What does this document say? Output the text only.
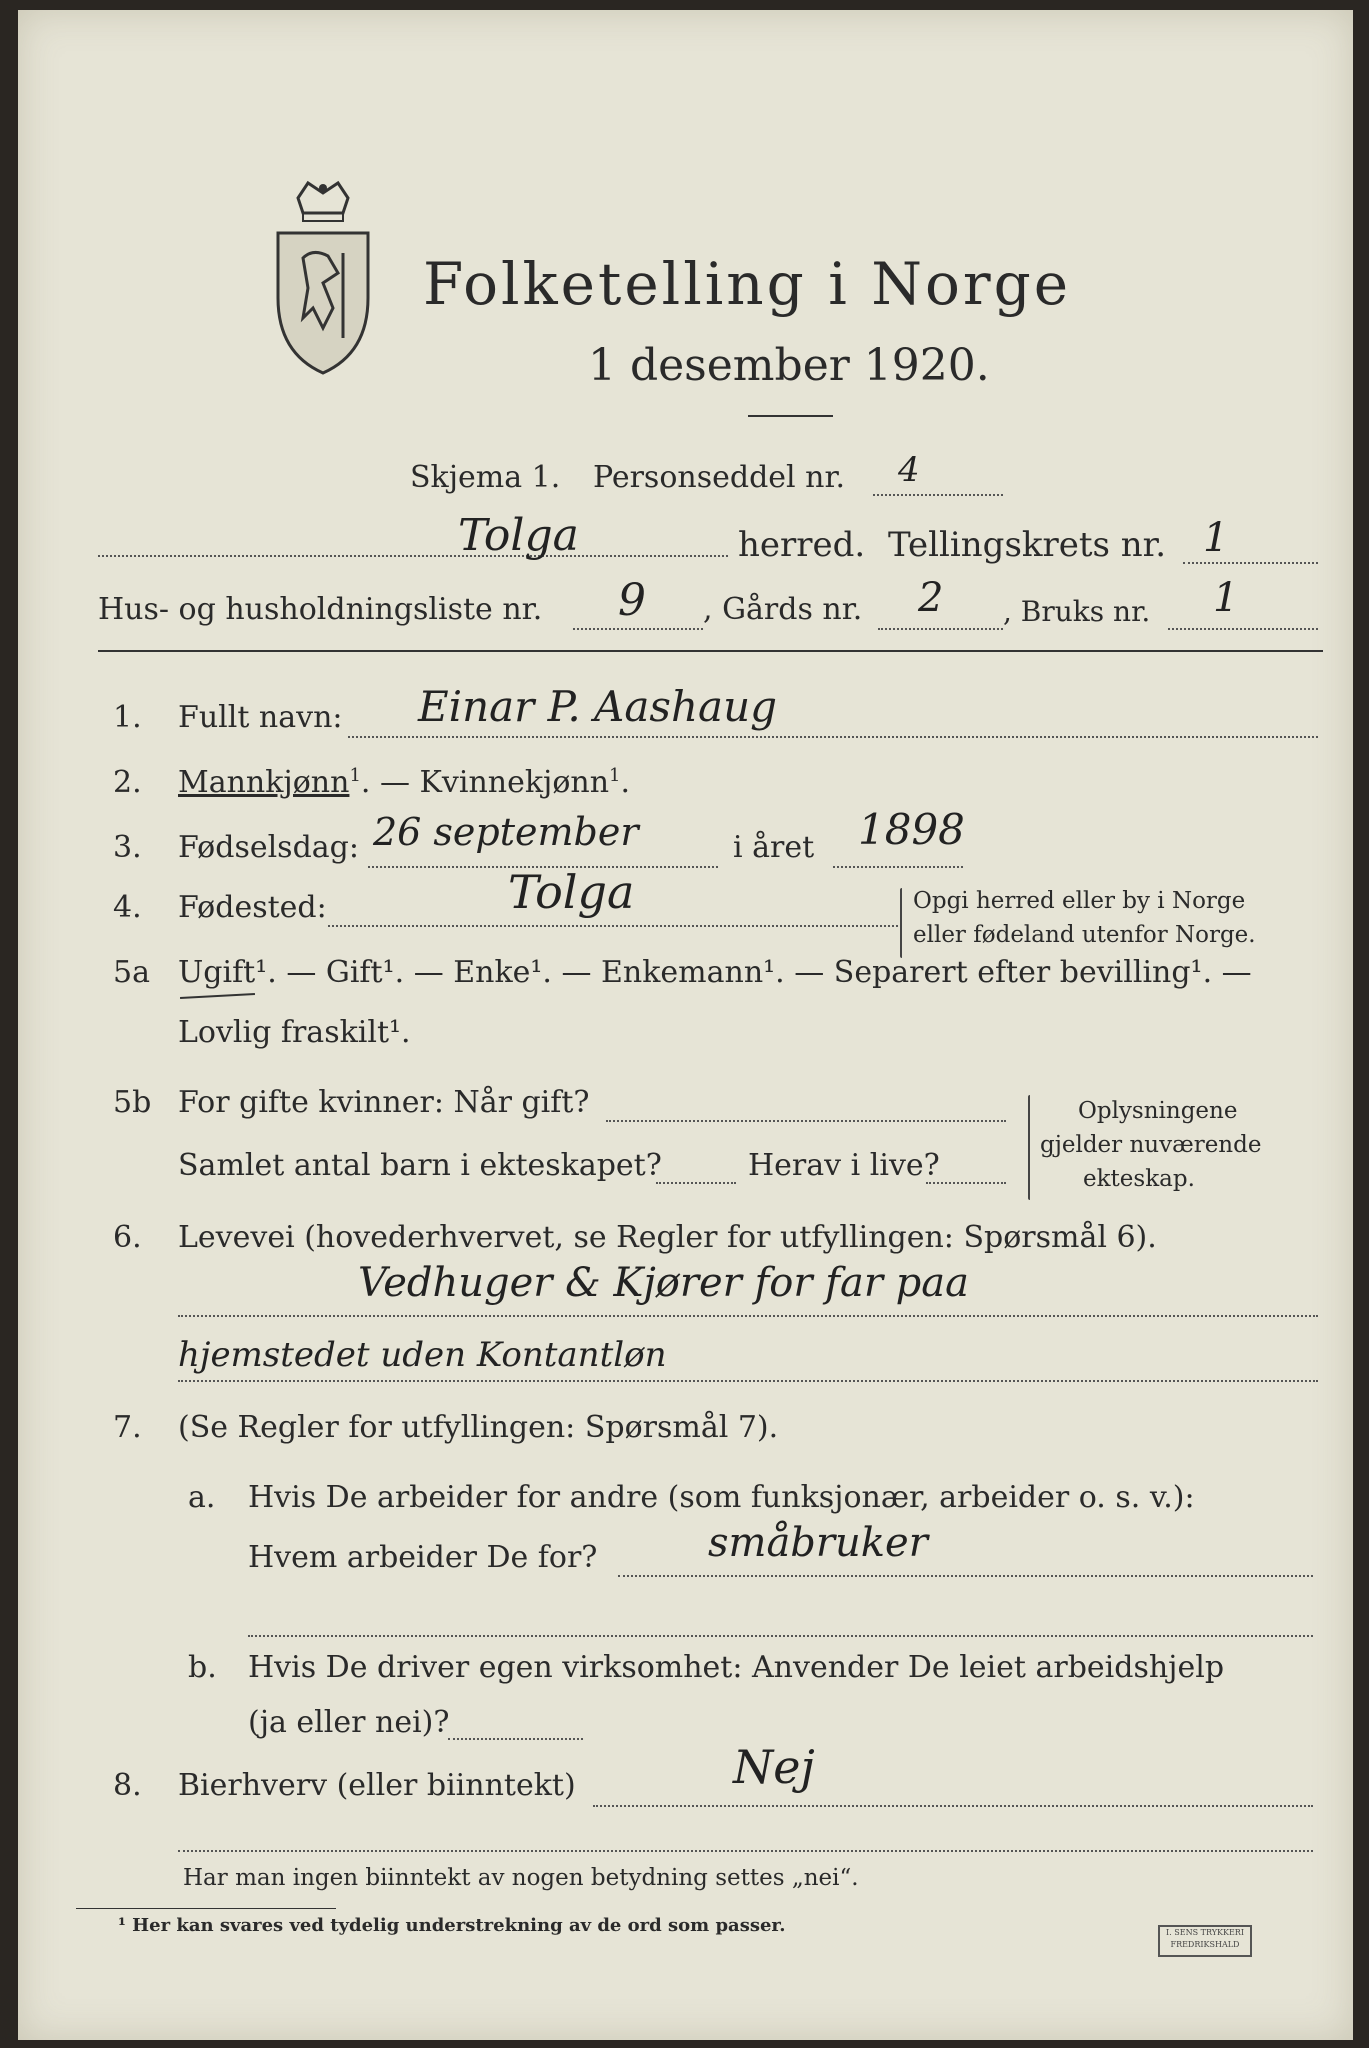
Folketelling i Norge
1 desember 1920.
Skjema 1. Personseddel nr. 4
Tolga	herred. Tellingskrets nr. 1
Hus- og husholdningsliste nr. 9 , Gårds nr. 2 , Bruks nr. 1
1. Fullt navn: Einar P. Aashaug
2. Mannkjønn$^1$. — Kvinnekjønn$^1$.
3. Fødselsdag: 26 september	i året 1898
4. Fødested:	Tolga	Opgi herred eller by i Norge
eller fødeland utenfor Norge.
5a Ugift¹. — Gift¹. — Enke¹. — Enkemann¹. — Separert efter bevilling¹. —
Lovlig fraskilt¹.
5b For gifte kvinner: Når gift?
Samlet antal barn i ekteskapet?	Herav i live?
Oplysningene
gjelder nuværende
ekteskap.
6. Levevei (hovederhvervet, se Regler for utfyllingen: Spørsmål 6).
Vedhuger & Kjører for far paa
hjemstedet uden Kontantløn
7. (Se Regler for utfyllingen: Spørsmål 7).
a. Hvis De arbeider for andre (som funksjonær, arbeider o. s. v.):
Hvem arbeider De for?	småbruker
b. Hvis De driver egen virksomhet: Anvender De leiet arbeidshjelp
(ja eller nei)?
8. Bierhverv (eller biinntekt)	Nej
Har man ingen biinntekt av nogen betydning settes „nei“.
¹ Her kan svares ved tydelig understrekning av de ord som passer.	I. SENS TRYKKERI
FREDRIKSHALD
